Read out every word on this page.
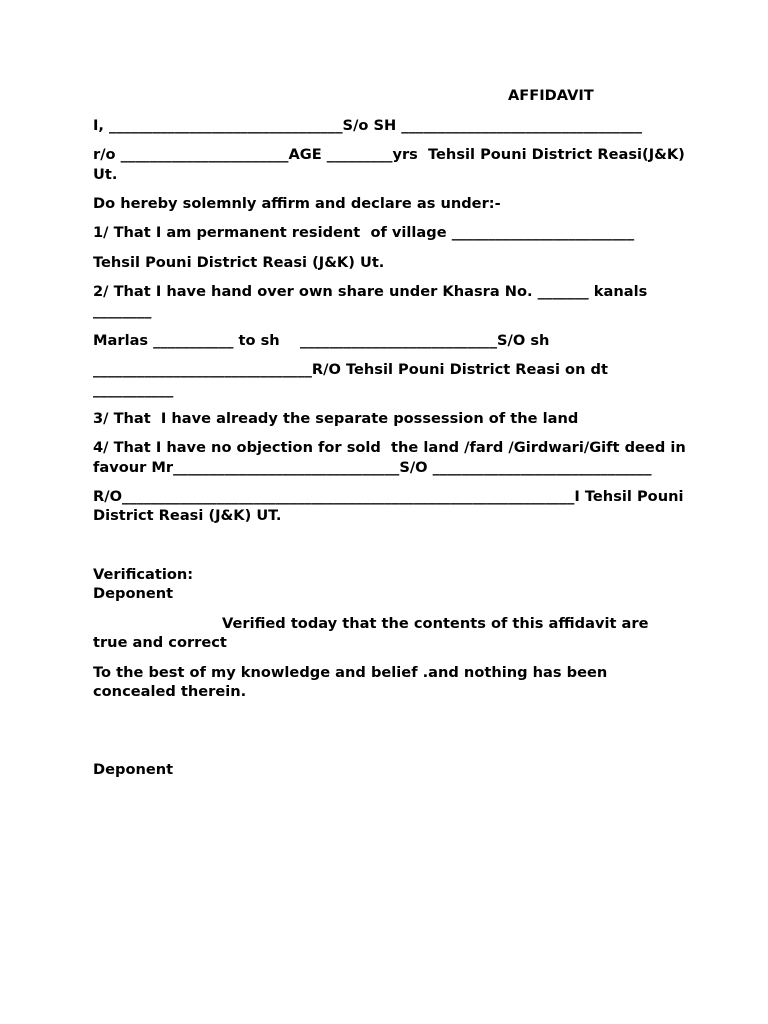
AFFIDAVIT

I, ________________________________S/o SH _________________________________

r/o _______________________AGE _________yrs  Tehsil Pouni District Reasi(J&K) Ut.

Do hereby solemnly affirm and declare as under:-

1/ That I am permanent resident  of village _________________________

Tehsil Pouni District Reasi (J&K) Ut.

2/ That I have hand over own share under Khasra No. _______ kanals ________

Marlas ___________ to sh    ___________________________S/O sh

______________________________R/O Tehsil Pouni District Reasi on dt ___________

3/ That  I have already the separate possession of the land

4/ That I have no objection for sold  the land /fard /Girdwari/Gift deed in favour Mr_______________________________S/O ______________________________

R/O______________________________________________________________I Tehsil Pouni District Reasi (J&K) UT.

Verification:

Deponent

Verified today that the contents of this affidavit are

true and correct

To the best of my knowledge and belief .and nothing has been concealed therein.

Deponent
